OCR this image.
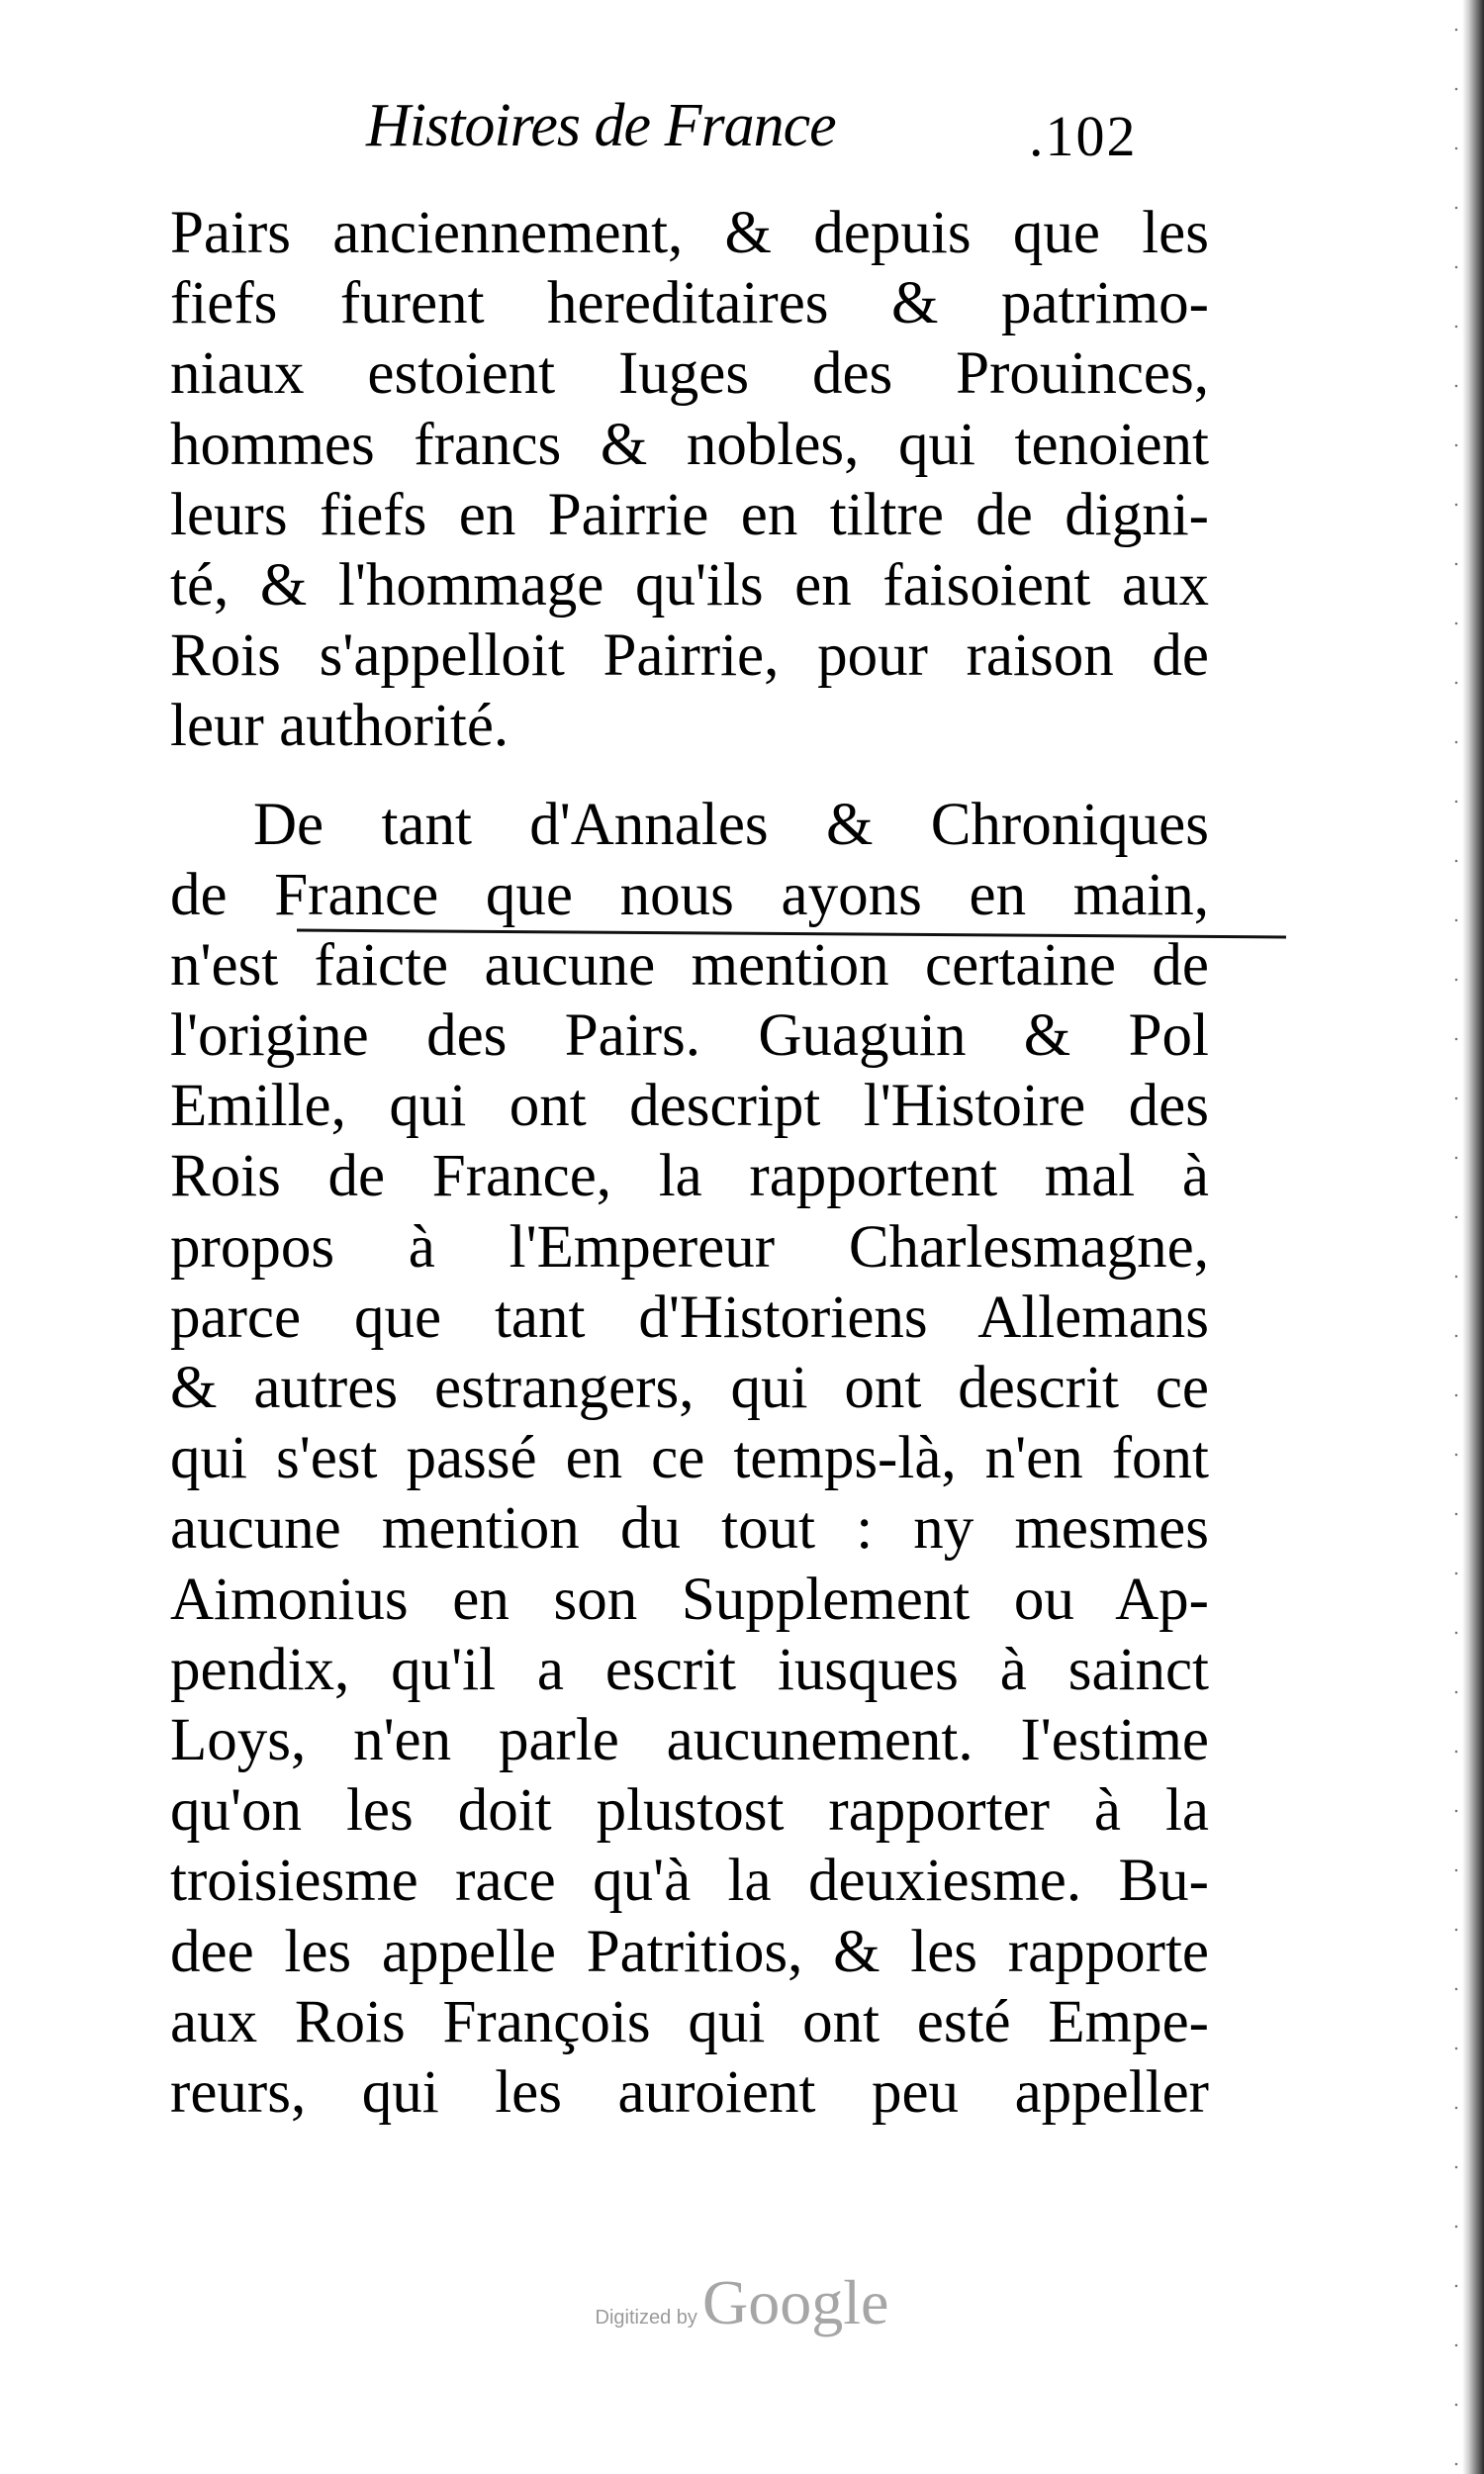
Histoires de France	.102
Pairs anciennement, & depuis que les
fiefs furent hereditaires & patrimo-
niaux estoient Iuges des Prouinces,
hommes francs & nobles, qui tenoient
leurs fiefs en Pairrie en tiltre de digni-
té, & l'hommage qu'ils en faisoient aux
Rois s'appelloit Pairrie, pour raison de
leur authorité.
De tant d'Annales & Chroniques
de France que nous ayons en main,
n'est faicte aucune mention certaine de
l'origine des Pairs. Guaguin & Pol
Emille, qui ont descript l'Histoire des
Rois de France, la rapportent mal à
propos à l'Empereur Charlesmagne,
parce que tant d'Historiens Allemans
& autres estrangers, qui ont descrit ce
qui s'est passé en ce temps-là, n'en font
aucune mention du tout : ny mesmes
Aimonius en son Supplement ou Ap-
pendix, qu'il a escrit iusques à sainct
Loys, n'en parle aucunement. I'estime
qu'on les doit plustost rapporter à la
troisiesme race qu'à la deuxiesme. Bu-
dee les appelle Patritios, & les rapporte
aux Rois François qui ont esté Empe-
reurs, qui les auroient peu appeller
Digitized by Google
